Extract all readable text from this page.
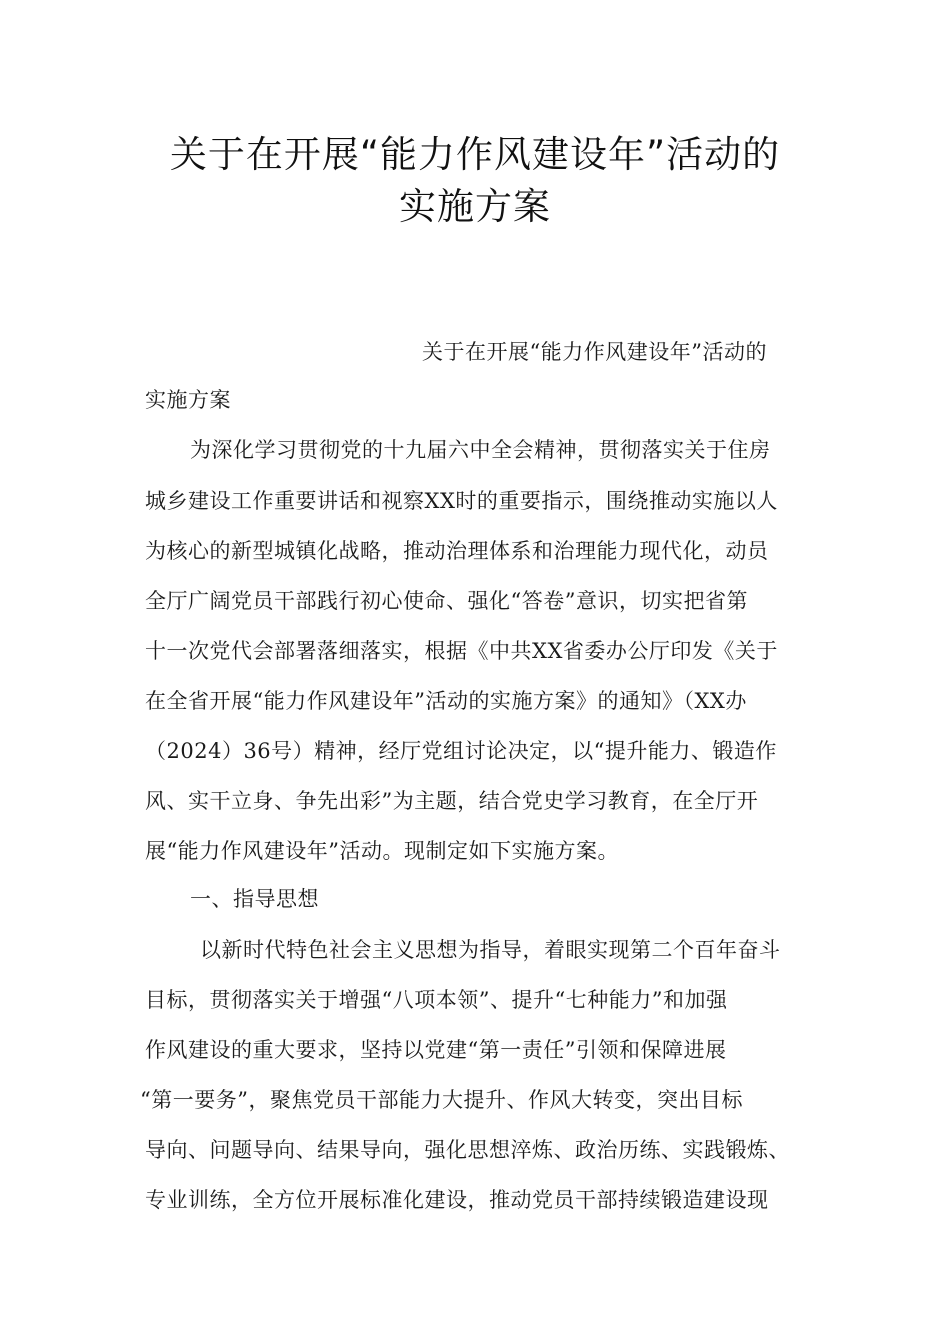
关于在开展“能力作风建设年”活动的
实施方案

关于在开展“能力作风建设年”活动的

实施方案

为深化学习贯彻党的十九届六中全会精神，贯彻落实关于住房

城乡建设工作重要讲话和视察XX时的重要指示，围绕推动实施以人

为核心的新型城镇化战略，推动治理体系和治理能力现代化，动员

全厅广阔党员干部践行初心使命、强化“答卷”意识，切实把省第

十一次党代会部署落细落实，根据《中共XX省委办公厅印发《关于

在全省开展“能力作风建设年”活动的实施方案》的通知》（XX办

（2024）36号）精神，经厅党组讨论决定，以“提升能力、锻造作

风、实干立身、争先出彩”为主题，结合党史学习教育，在全厅开

展“能力作风建设年”活动。现制定如下实施方案。

一、指导思想

以新时代特色社会主义思想为指导，着眼实现第二个百年奋斗

目标，贯彻落实关于增强“八项本领”、提升“七种能力”和加强

作风建设的重大要求，坚持以党建“第一责任”引领和保障进展

“第一要务”，聚焦党员干部能力大提升、作风大转变，突出目标

导向、问题导向、结果导向，强化思想淬炼、政治历练、实践锻炼、

专业训练，全方位开展标准化建设，推动党员干部持续锻造建设现
